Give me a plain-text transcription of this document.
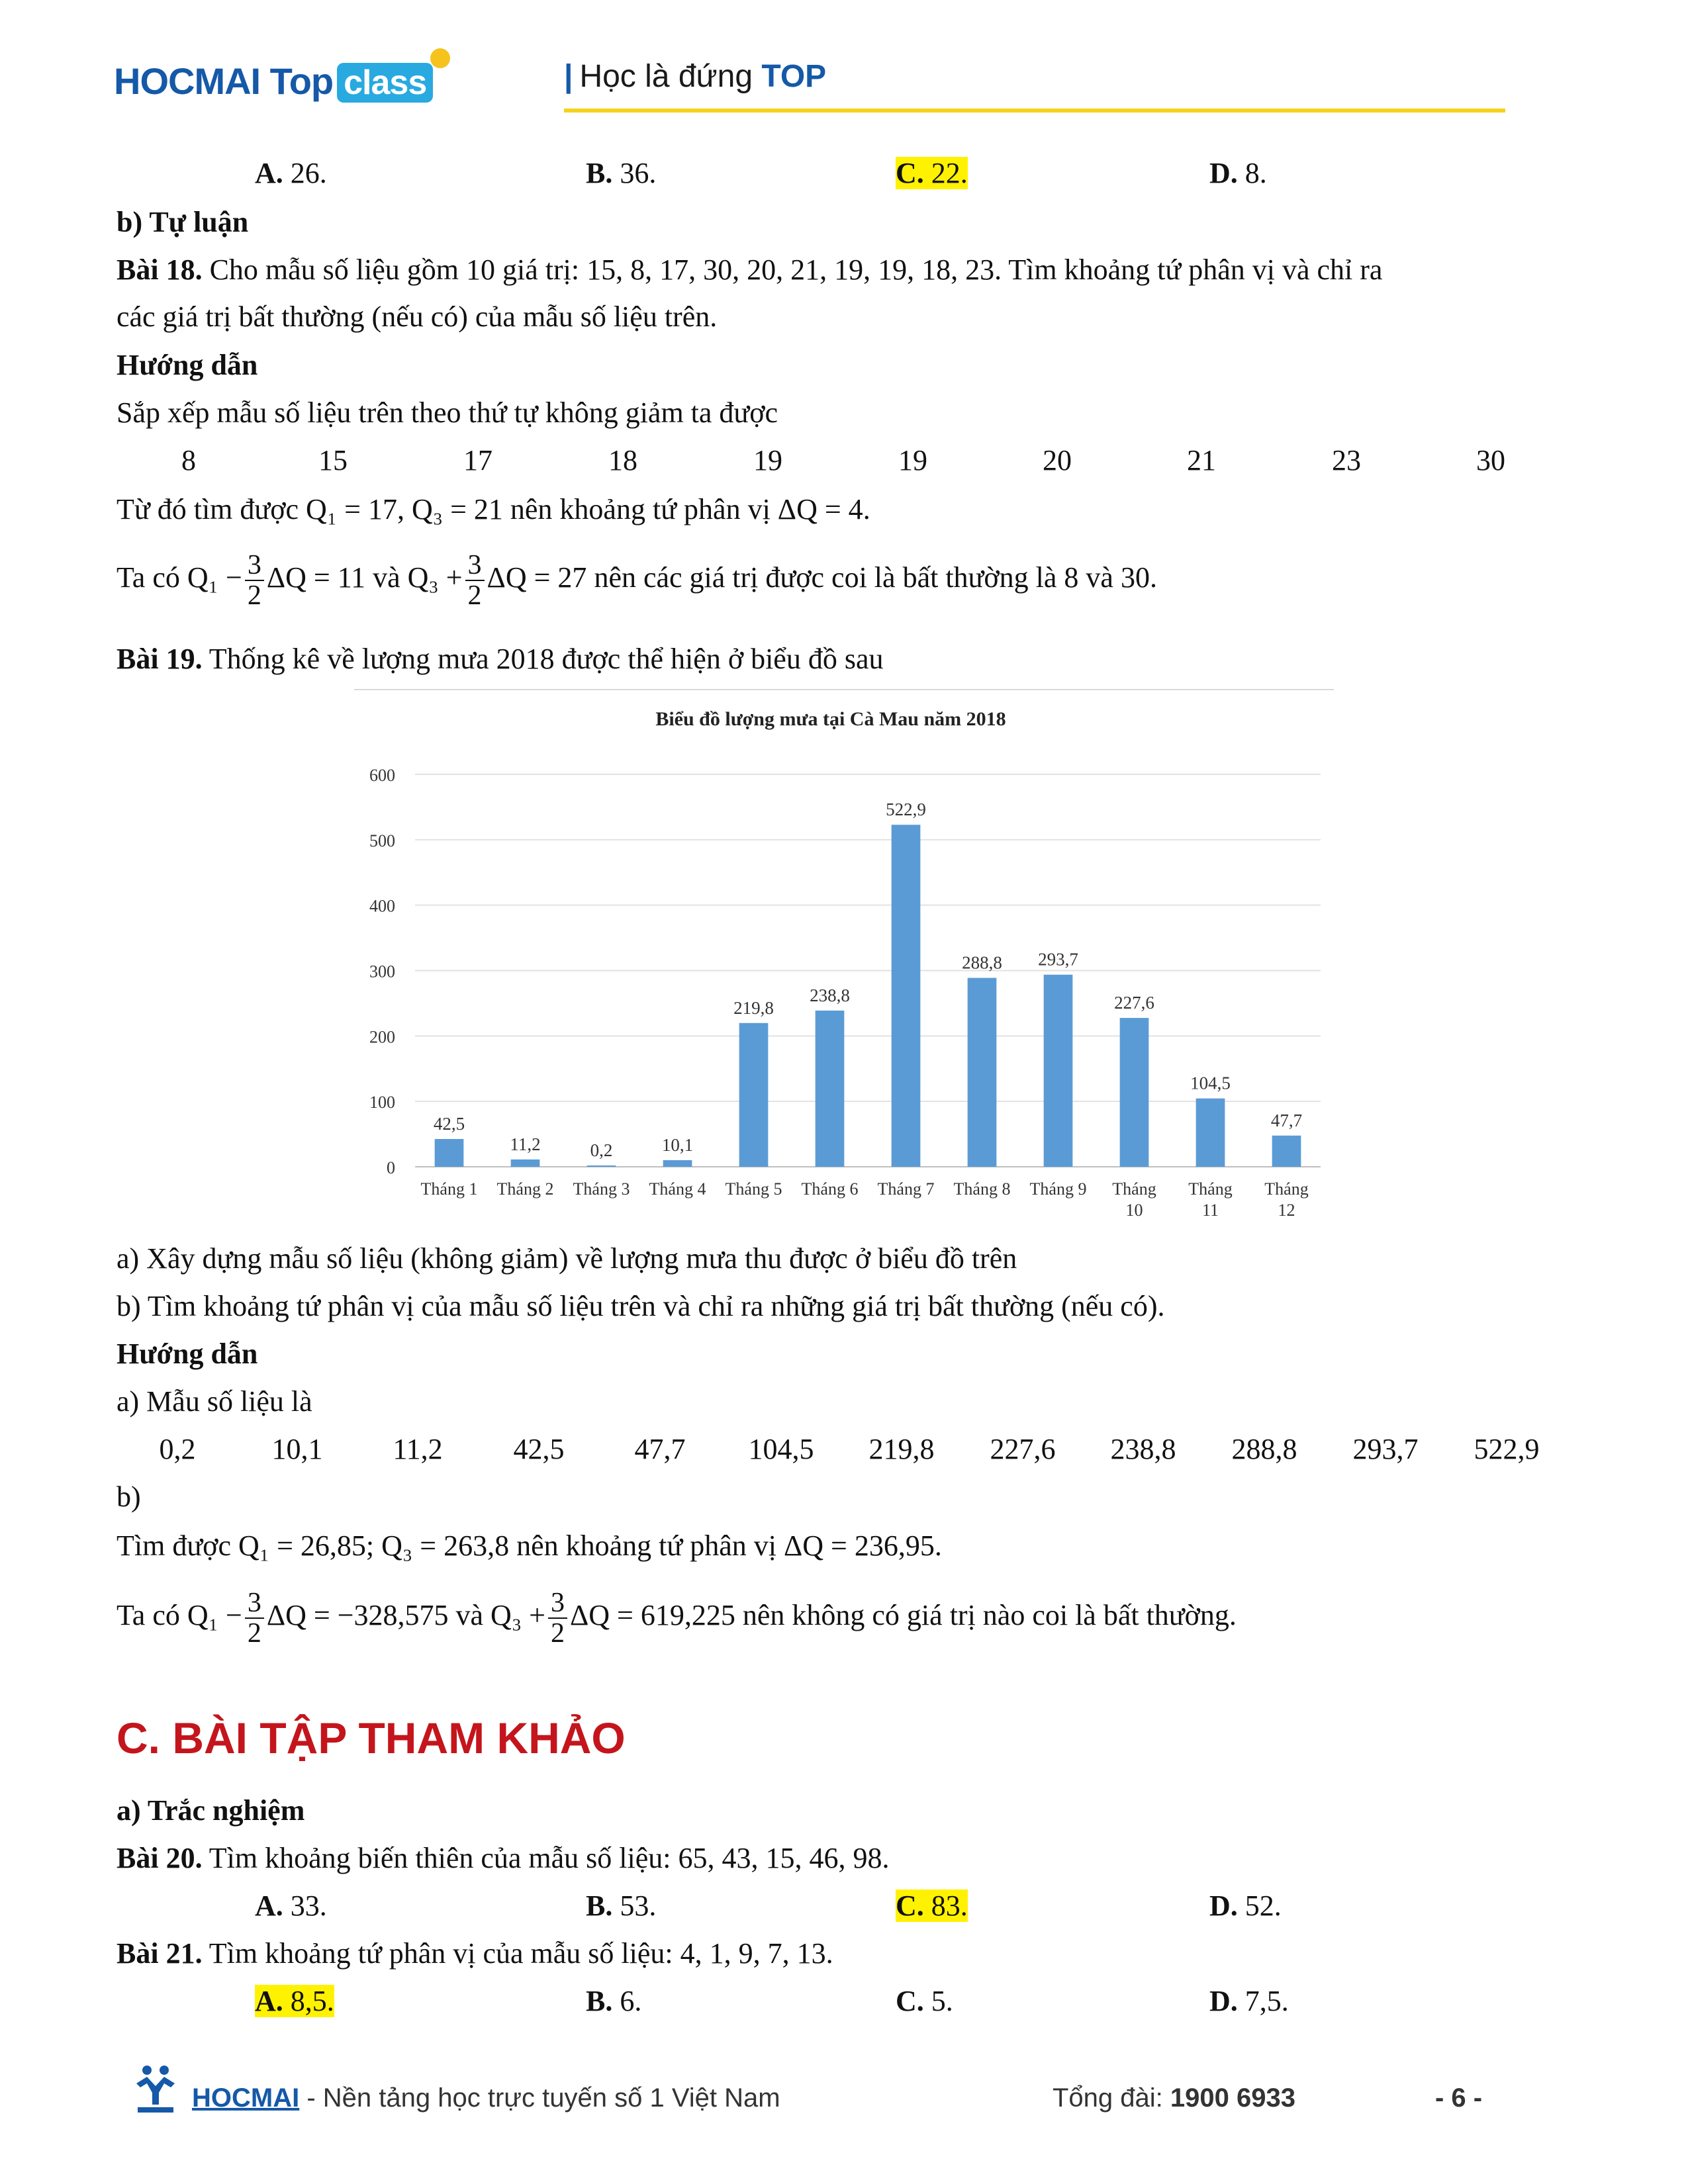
HOCMAI Top class	| Học là đứng TOP
A. 26.	B. 36.	C. 22.	D. 8.
b) Tự luận
Bài 18. Cho mẫu số liệu gồm 10 giá trị: 15, 8, 17, 30, 20, 21, 19, 19, 18, 23. Tìm khoảng tứ phân vị và chỉ ra
các giá trị bất thường (nếu có) của mẫu số liệu trên.
Hướng dẫn
Sắp xếp mẫu số liệu trên theo thứ tự không giảm ta được
8	15	17	18	19	19	20	21	23	30
Từ đó tìm được Q₁ = 17, Q₃ = 21 nên khoảng tứ phân vị ΔQ = 4.
Ta có $Q_1 - \frac{3}{2}$ ΔQ = 11 và $Q_3 + \frac{3}{2}$ ΔQ = 27 nên các giá trị được coi là bất thường là 8 và 30.
Bài 19. Thống kê về lượng mưa 2018 được thể hiện ở biểu đồ sau
Biểu đồ lượng mưa tại Cà Mau năm 2018
0
100
200
300
400
500
600
42,5
11,2	0,2	10,1
219,8
238,8
522,9
288,8 293,7
227,6
104,5
47,7
Tháng 1 Tháng 2 Tháng 3 Tháng 4 Tháng 5 Tháng 6 Tháng 7 Tháng 8 Tháng 9 Tháng
10
Tháng
11
Tháng
12
a) Xây dựng mẫu số liệu (không giảm) về lượng mưa thu được ở biểu đồ trên
b) Tìm khoảng tứ phân vị của mẫu số liệu trên và chỉ ra những giá trị bất thường (nếu có).
Hướng dẫn
a) Mẫu số liệu là
0,2	10,1 11,2 42,5 47,7 104,5 219,8 227,6 238,8 288,8 293,7 522,9
b)
Tìm được Q₁ = 26,85; Q₃ = 263,8 nên khoảng tứ phân vị ΔQ = 236,95.
Ta có $Q_1 - \frac{3}{2}$ ΔQ = −328,575 và $Q_3 + \frac{3}{2}$ ΔQ = 619,225 nên không có giá trị nào coi là bất thường.
C. BÀI TẬP THAM KHẢO
a) Trắc nghiệm
Bài 20. Tìm khoảng biến thiên của mẫu số liệu: 65, 43, 15, 46, 98.
A. 33.	B. 53.	C. 83.	D. 52.
Bài 21. Tìm khoảng tứ phân vị của mẫu số liệu: 4, 1, 9, 7, 13.
A. 8,5.	B. 6.	C. 5.	D. 7,5.
HOCMAI - Nền tảng học trực tuyến số 1 Việt Nam	Tổng đài: 1900 6933	- 6 -
